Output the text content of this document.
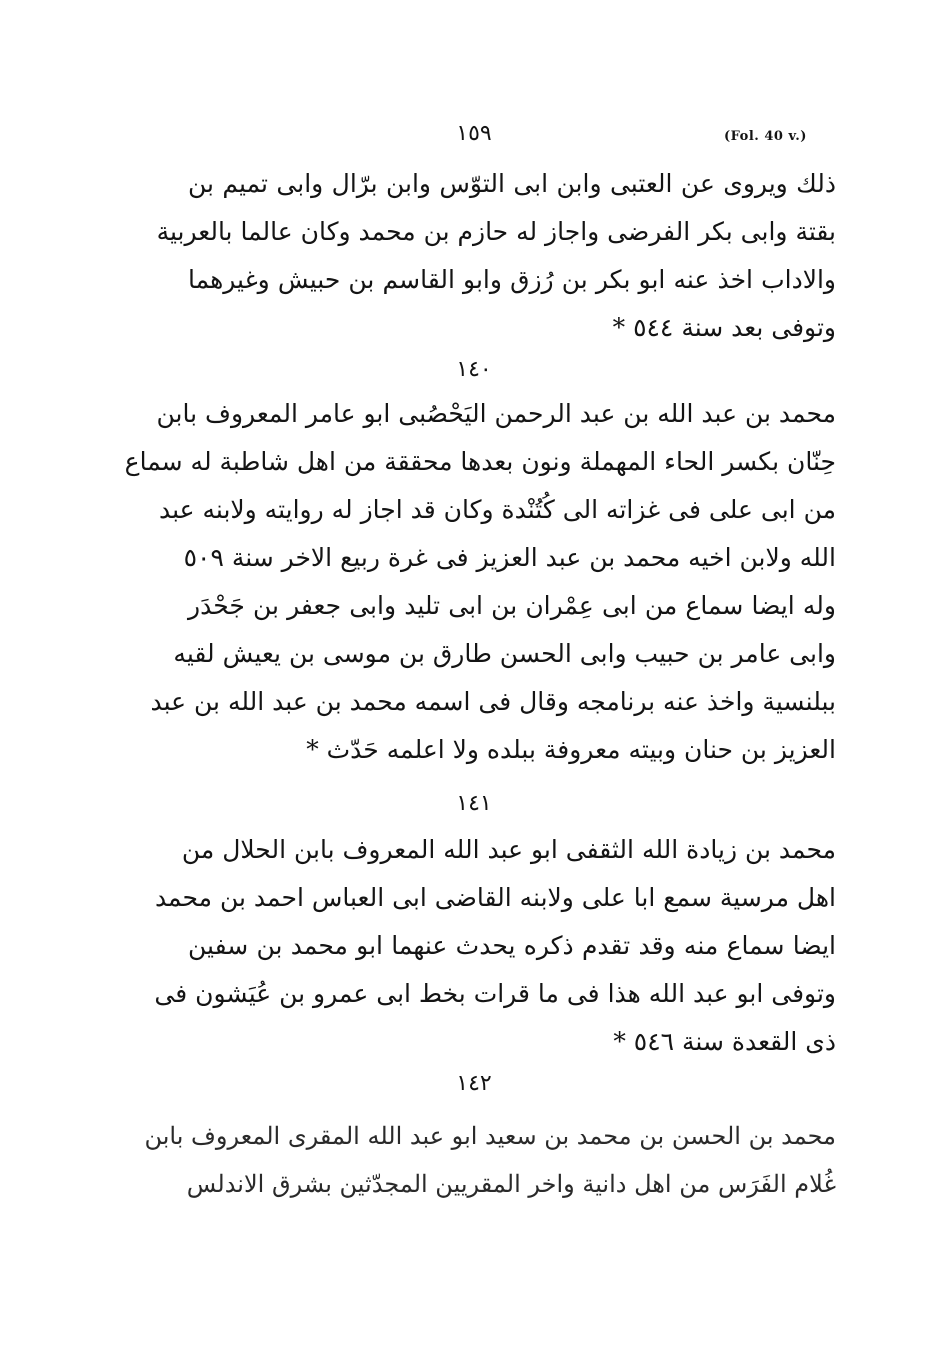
١٥٩	(Fol. 40 v.)
ذلك ويروى عن العتبى وابن ابى التوّس وابن برّال وابى تميم بن
بقتة وابى بكر الفرضى واجاز له حازم بن محمد وكان عالما بالعربية
والاداب اخذ عنه ابو بكر بن رُزق وابو القاسم بن حبيش وغيرهما
وتوفى بعد سنة ٥٤٤ *
١٤٠
محمد بن عبد الله بن عبد الرحمن اليَحْصُبى ابو عامر المعروف بابن
حِنّان بكسر الحاء المهملة ونون بعدها محققة من اهل شاطبة له سماع
من ابى على فى غزاته الى كُتُنْدة وكان قد اجاز له روايته ولابنه عبد
الله ولابن اخيه محمد بن عبد العزيز فى غرة ربيع الاخر سنة ٥٠٩
وله ايضا سماع من ابى عِمْران بن ابى تليد وابى جعفر بن جَحْدَر
وابى عامر بن حبيب وابى الحسن طارق بن موسى بن يعيش لقيه
ببلنسية واخذ عنه برنامجه وقال فى اسمه محمد بن عبد الله بن عبد
العزيز بن حنان وبيته معروفة ببلده ولا اعلمه حَدّث *
١٤١
محمد بن زيادة الله الثقفى ابو عبد الله المعروف بابن الحلال من
اهل مرسية سمع ابا على ولابنه القاضى ابى العباس احمد بن محمد
ايضا سماع منه وقد تقدم ذكره يحدث عنهما ابو محمد بن سفين
وتوفى ابو عبد الله هذا فى ما قرات بخط ابى عمرو بن عُيَشون فى
ذى القعدة سنة ٥٤٦ *
١٤٢
محمد بن الحسن بن محمد بن سعيد ابو عبد الله المقرى المعروف بابن
غُلام الفَرَس من اهل دانية واخر المقريين المجدّثين بشرق الاندلس
